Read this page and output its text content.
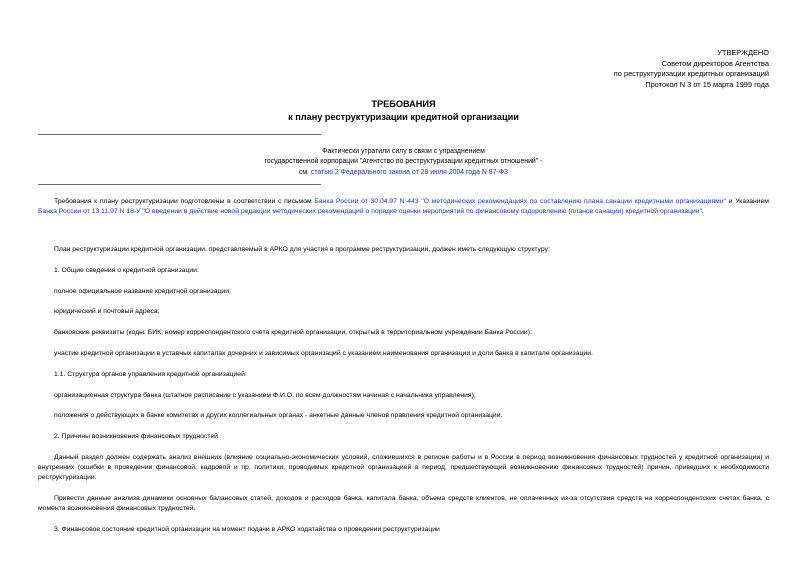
УТВЕРЖДЕНО
Советом директоров Агентства
по реструктуризации кредитных организаций
Протокол N 3 от 15 марта 1999 года
ТРЕБОВАНИЯ
к плану реструктуризации кредитной организации
Фактически утратили силу в связи с упразднением
государственной корпорации "Агентство по реструктуризации кредитных отношений" -
см. статью 2 Федерального закона от 28 июля 2004 года N 87-ФЗ

Требования к плану реструктуризации подготовлены в соответствии с письмом Банка России от 30.04.97 N 443 "О методических рекомендациях по составлению плана санации кредитными организациями" и Указанием Банка России от 13.11.97 N 18-У "О введении в действие новой редакции методических рекомендаций о порядке оценки мероприятий по финансовому оздоровлению (планов санации) кредитной организации".

План реструктуризации кредитной организации, представляемый в АРКО для участия в программе реструктуризации, должен иметь следующую структуру:

1. Общие сведения о кредитной организации:

полное официальное название кредитной организации;

юридический и почтовый адреса;

банковские реквизиты (коды; БИК; номер корреспондентского счета кредитной организации, открытый в территориальном учреждении Банка России);

участие кредитной организации в уставных капиталах дочерних и зависимых организаций с указанием наименования организации и доли банка в капитале организации.

1.1. Структура органов управления кредитной организацией:

организационная структура банка (штатное расписание с указанием Ф.И.О. по всем должностям начиная с начальника управления);

положения о действующих в банке комитетах и других коллегиальных органах - анкетные данные членов правления кредитной организации.

2. Причины возникновения финансовых трудностей

Данный раздел должен содержать анализ внешних (влияние социально-экономических условий, сложившихся в регионе работы и в России в период возникновения финансовых трудностей у кредитной организации) и внутренних (ошибки в проведении финансовой, кадровой и пр. политики, проводимых кредитной организацией в период, предшествующий возникновению финансовых трудностей) причин, приведших к необходимости реструктуризации.

Привести данные анализа динамики основных балансовых статей, доходов и расходов банка, капитала банка, объема средств клиентов, не оплаченных из-за отсутствия средств на корреспондентских счетах банка, с момента возникновения финансовых трудностей.

3. Финансовое состояние кредитной организации на момент подачи в АРКО ходатайства о проведении реструктуризации
